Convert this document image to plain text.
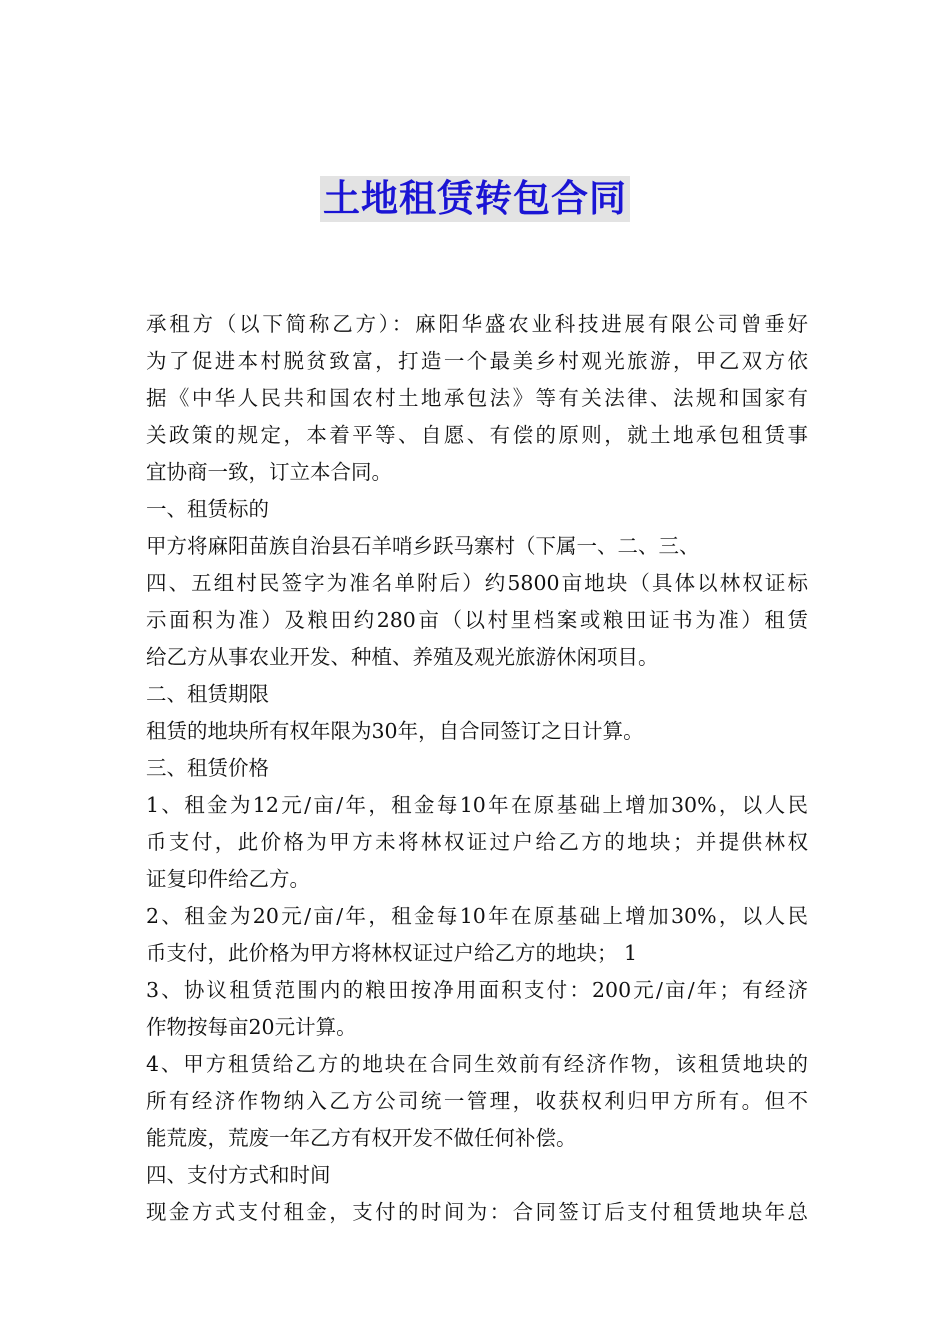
土地租赁转包合同

承租方（以下简称乙方）：麻阳华盛农业科技进展有限公司曾垂好

为了促进本村脱贫致富，打造一个最美乡村观光旅游，甲乙双方依

据《中华人民共和国农村土地承包法》等有关法律、法规和国家有

关政策的规定，本着平等、自愿、有偿的原则，就土地承包租赁事

宜协商一致，订立本合同。

一、租赁标的

甲方将麻阳苗族自治县石羊哨乡跃马寨村（下属一、二、三、

四、五组村民签字为准名单附后）约5800亩地块（具体以林权证标

示面积为准）及粮田约280亩（以村里档案或粮田证书为准）租赁

给乙方从事农业开发、种植、养殖及观光旅游休闲项目。

二、租赁期限

租赁的地块所有权年限为30年，自合同签订之日计算。

三、租赁价格

1、租金为12元/亩/年，租金每10年在原基础上增加30%，以人民

币支付，此价格为甲方未将林权证过户给乙方的地块；并提供林权

证复印件给乙方。

2、租金为20元/亩/年，租金每10年在原基础上增加30%，以人民

币支付，此价格为甲方将林权证过户给乙方的地块； 1

3、协议租赁范围内的粮田按净用面积支付：200元/亩/年；有经济

作物按每亩20元计算。

4、甲方租赁给乙方的地块在合同生效前有经济作物，该租赁地块的

所有经济作物纳入乙方公司统一管理，收获权利归甲方所有。但不

能荒废，荒废一年乙方有权开发不做任何补偿。

四、支付方式和时间

现金方式支付租金，支付的时间为：合同签订后支付租赁地块年总
